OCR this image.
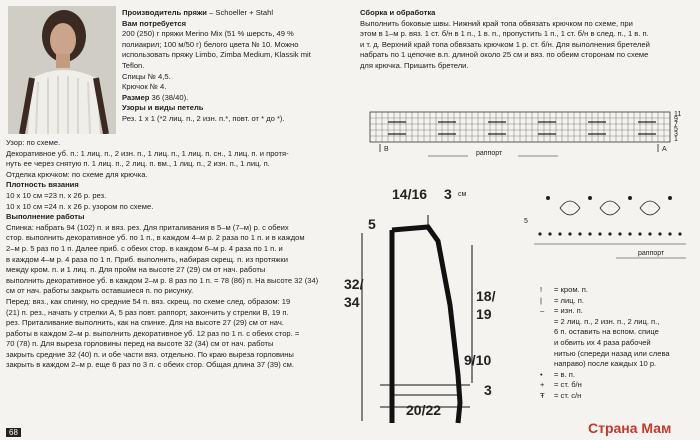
Производитель пряжи – Schoeller + Stahl
Вам потребуется
200 (250) г пряжи Merino Mix (51 % шерсть, 49 %
полиакрил; 100 м/50 г) белого цвета № 10. Можно
использовать пряжу Limbo, Zimba Medium, Klassik mit
Teflon.
Спицы № 4,5.
Крючок № 4.
Размер 36 (38/40).
Узоры и виды петель
Рез. 1 х 1 (*2 лиц. п., 2 изн. п.*, повт. от * до *).
Узор: по схеме.
Декоративное уб. п.: 1 лиц. п., 2 изн. п., 1 лиц. п., 1 лиц. п. сн., 1 лиц. п. и протя-
нуть ее через снятую п. 1 лиц. п., 2 лиц. п. вм., 1 лиц. п., 2 изн. п., 1 лиц. п.
Отделка крючком: по схеме для крючка.
Плотность вязания
10 х 10 см =23 п. х 26 р. рез.
10 х 10 см =24 п. х 26 р. узором по схеме.
Выполнение работы
Спинка: набрать 94 (102) п. и вяз. рез. Для приталивания в 5–м (7–м) р. с обеих
стор. выполнить декоративное уб. по 1 п., в каждом 4–м р. 2 раза по 1 п. и в каждом
2–м р. 5 раз по 1 п. Далее приб. с обеих стор. в каждом 6–м р. 4 раза по 1 п. и
в каждом 4–м р. 4 раза по 1 п. Приб. выполнить, набирая скрещ. п. из протяжки
между кром. п. и 1 лиц. п. Для пройм на высоте 27 (29) см от нач. работы
выполнить декоративное уб. в каждом 2–м р. 8 раз по 1 п. = 78 (86) п. На высоте 32 (34)
см от нач. работы закрыть оставшиеся п. по рисунку.
Перед: вяз., как спинку, но средние 54 п. вяз. скрещ. по схеме след. образом: 19
(21) п. рез., начать у стрелки А, 5 раз повт. раппорт, закончить у стрелки В, 19 п.
рез. Приталивание выполнить, как на спинке. Для на высоте 27 (29) см от нач.
работы в каждом 2–м р. выполнить декоративное уб. 12 раз по 1 п. с обеих стор. =
70 (78) п. Для выреза горловины перед на высоте 32 (34) см от нач. работы
закрыть средние 32 (40) п. и обе части вяз. отдельно. По краю выреза горловины
закрыть в каждом 2–м р. еще 6 раз по 3 п. с обеих стор. Общая длина 37 (39) см.
Сборка и обработка
Выполнить боковые швы. Нижний край топа обвязать крючком по схеме, при
этом в 1–м р. вяз. 1 ст. б/н в 1 п., 1 в. п., пропустить 1 п., 1 ст. б/н в след. п., 1 в. п.
и т. д. Верхний край топа обвязать крючком 1 р. ст. б/н. Для выполнения бретелей
набрать по 1 цепочке в.п. длиной около 25 см и вяз. по обеим сторонам по схеме
для крючка. Пришить бретели.
B	A
раппорт
11
9
7
5
3
1
14/16 3 см
5
32/
34	18/
19
9/10
3
20/22
5
раппорт
! = кром. п.
| = лиц. п.
– = изн. п.
= 2 лиц. п., 2 изн. п., 2 лиц. п.,
6 п. оставить на вспом. спице
и обвить их 4 раза рабочей
нитью (спереди назад или слева
направо) после каждых 10 р.
• = в. п.
+ = ст. б/н
Ŧ = ст. с/н
Страна Мам
68
